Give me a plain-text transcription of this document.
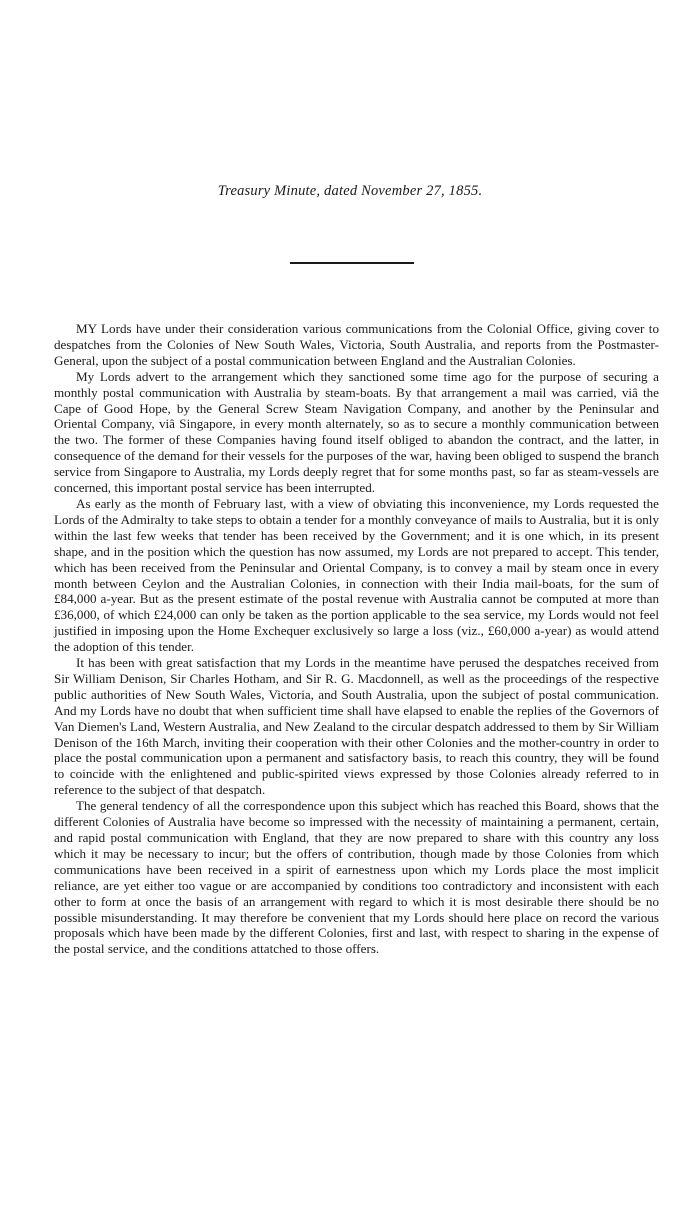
Treasury Minute, dated November 27, 1855.

MY Lords have under their consideration various communications from the Colonial Office, giving cover to despatches from the Colonies of New South Wales, Victoria, South Australia, and reports from the Postmaster-General, upon the subject of a postal communication between England and the Australian Colonies.

My Lords advert to the arrangement which they sanctioned some time ago for the purpose of securing a monthly postal communication with Australia by steam-boats. By that arrangement a mail was carried, viâ the Cape of Good Hope, by the General Screw Steam Navigation Company, and another by the Peninsular and Oriental Company, viâ Singapore, in every month alternately, so as to secure a monthly communication between the two. The former of these Companies having found itself obliged to abandon the contract, and the latter, in consequence of the demand for their vessels for the purposes of the war, having been obliged to suspend the branch service from Singapore to Australia, my Lords deeply regret that for some months past, so far as steam-vessels are concerned, this important postal service has been interrupted.

As early as the month of February last, with a view of obviating this inconvenience, my Lords requested the Lords of the Admiralty to take steps to obtain a tender for a monthly conveyance of mails to Australia, but it is only within the last few weeks that tender has been received by the Government; and it is one which, in its present shape, and in the position which the question has now assumed, my Lords are not prepared to accept. This tender, which has been received from the Peninsular and Oriental Company, is to convey a mail by steam once in every month between Ceylon and the Australian Colonies, in connection with their India mail-boats, for the sum of £84,000 a-year. But as the present estimate of the postal revenue with Australia cannot be computed at more than £36,000, of which £24,000 can only be taken as the portion applicable to the sea service, my Lords would not feel justified in imposing upon the Home Exchequer exclusively so large a loss (viz., £60,000 a-year) as would attend the adoption of this tender.

It has been with great satisfaction that my Lords in the meantime have perused the despatches received from Sir William Denison, Sir Charles Hotham, and Sir R. G. Macdonnell, as well as the proceedings of the respective public authorities of New South Wales, Victoria, and South Australia, upon the subject of postal communication. And my Lords have no doubt that when sufficient time shall have elapsed to enable the replies of the Governors of Van Diemen's Land, Western Australia, and New Zealand to the circular despatch addressed to them by Sir William Denison of the 16th March, inviting their cooperation with their other Colonies and the mother-country in order to place the postal communication upon a permanent and satisfactory basis, to reach this country, they will be found to coincide with the enlightened and public-spirited views expressed by those Colonies already referred to in reference to the subject of that despatch.

The general tendency of all the correspondence upon this subject which has reached this Board, shows that the different Colonies of Australia have become so impressed with the necessity of maintaining a permanent, certain, and rapid postal communication with England, that they are now prepared to share with this country any loss which it may be necessary to incur; but the offers of contribution, though made by those Colonies from which communications have been received in a spirit of earnestness upon which my Lords place the most implicit reliance, are yet either too vague or are accompanied by conditions too contradictory and inconsistent with each other to form at once the basis of an arrangement with regard to which it is most desirable there should be no possible misunderstanding. It may therefore be convenient that my Lords should here place on record the various proposals which have been made by the different Colonies, first and last, with respect to sharing in the expense of the postal service, and the conditions attatched to those offers.
